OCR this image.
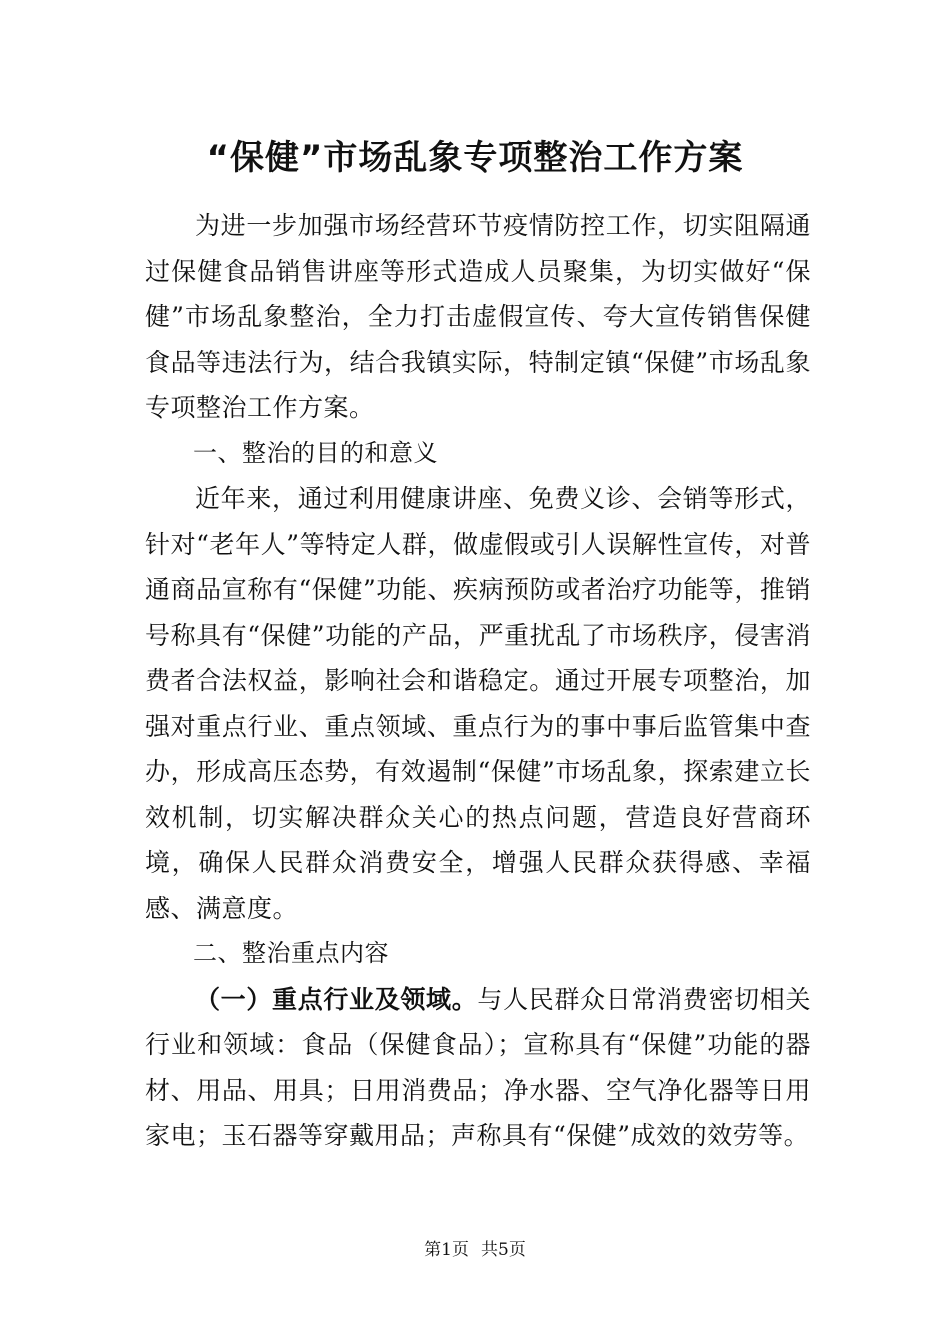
“保健”市场乱象专项整治工作方案

为进一步加强市场经营环节疫情防控工作，切实阻隔通过保健食品销售讲座等形式造成人员聚集，为切实做好“保健”市场乱象整治，全力打击虚假宣传、夸大宣传销售保健食品等违法行为，结合我镇实际，特制定镇“保健”市场乱象专项整治工作方案。

一、整治的目的和意义

近年来，通过利用健康讲座、免费义诊、会销等形式，针对“老年人”等特定人群，做虚假或引人误解性宣传，对普通商品宣称有“保健”功能、疾病预防或者治疗功能等，推销号称具有“保健”功能的产品，严重扰乱了市场秩序，侵害消费者合法权益，影响社会和谐稳定。通过开展专项整治，加强对重点行业、重点领域、重点行为的事中事后监管集中查办，形成高压态势，有效遏制“保健”市场乱象，探索建立长效机制，切实解决群众关心的热点问题，营造良好营商环境，确保人民群众消费安全，增强人民群众获得感、幸福感、满意度。

二、整治重点内容

（一）重点行业及领域。与人民群众日常消费密切相关行业和领域：食品（保健食品）；宣称具有“保健”功能的器材、用品、用具；日用消费品；净水器、空气净化器等日用家电；玉石器等穿戴用品；声称具有“保健”成效的效劳等。

第1页 共5页
